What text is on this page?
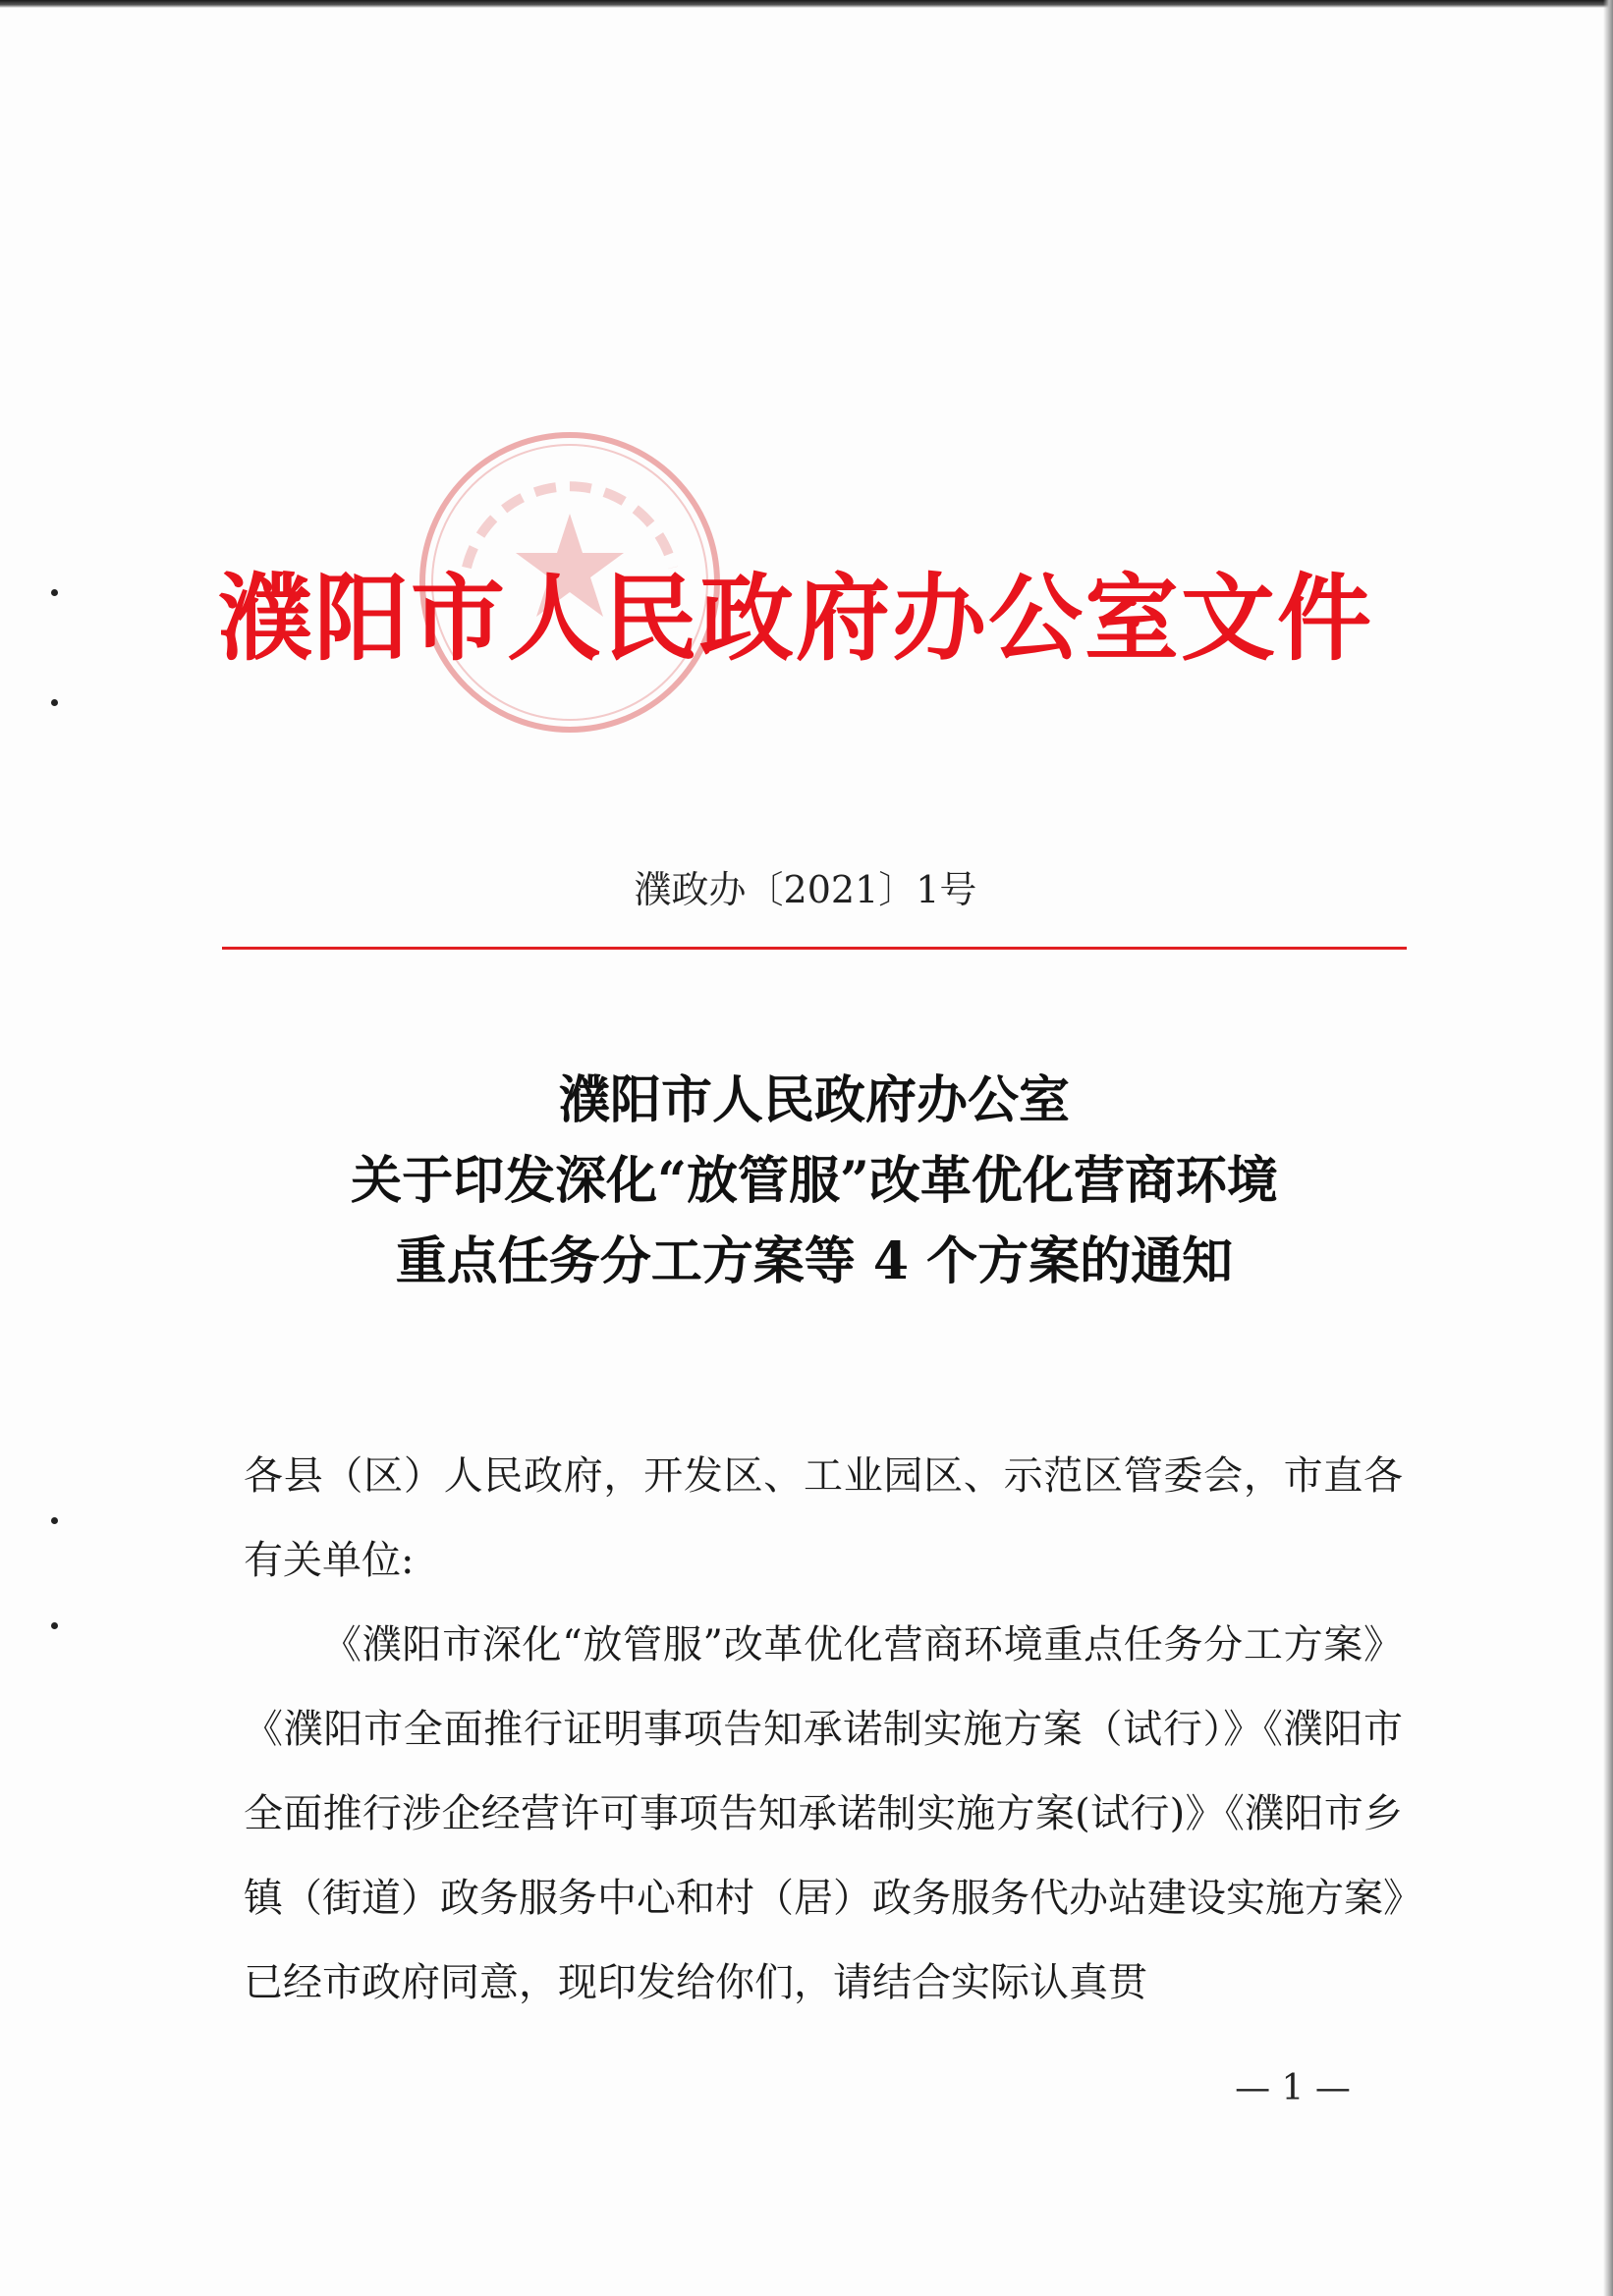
濮阳市人民政府办公室文件
濮政办〔2021〕1号
濮阳市人民政府办公室
关于印发深化“放管服”改革优化营商环境
重点任务分工方案等 4 个方案的通知

各县（区）人民政府，开发区、工业园区、示范区管委会，市直各有关单位:

《濮阳市深化“放管服”改革优化营商环境重点任务分工方案》《濮阳市全面推行证明事项告知承诺制实施方案（试行）》《濮阳市全面推行涉企经营许可事项告知承诺制实施方案(试行)》《濮阳市乡镇（街道）政务服务中心和村（居）政务服务代办站建设实施方案》已经市政府同意，现印发给你们，请结合实际认真贯

— 1 —
